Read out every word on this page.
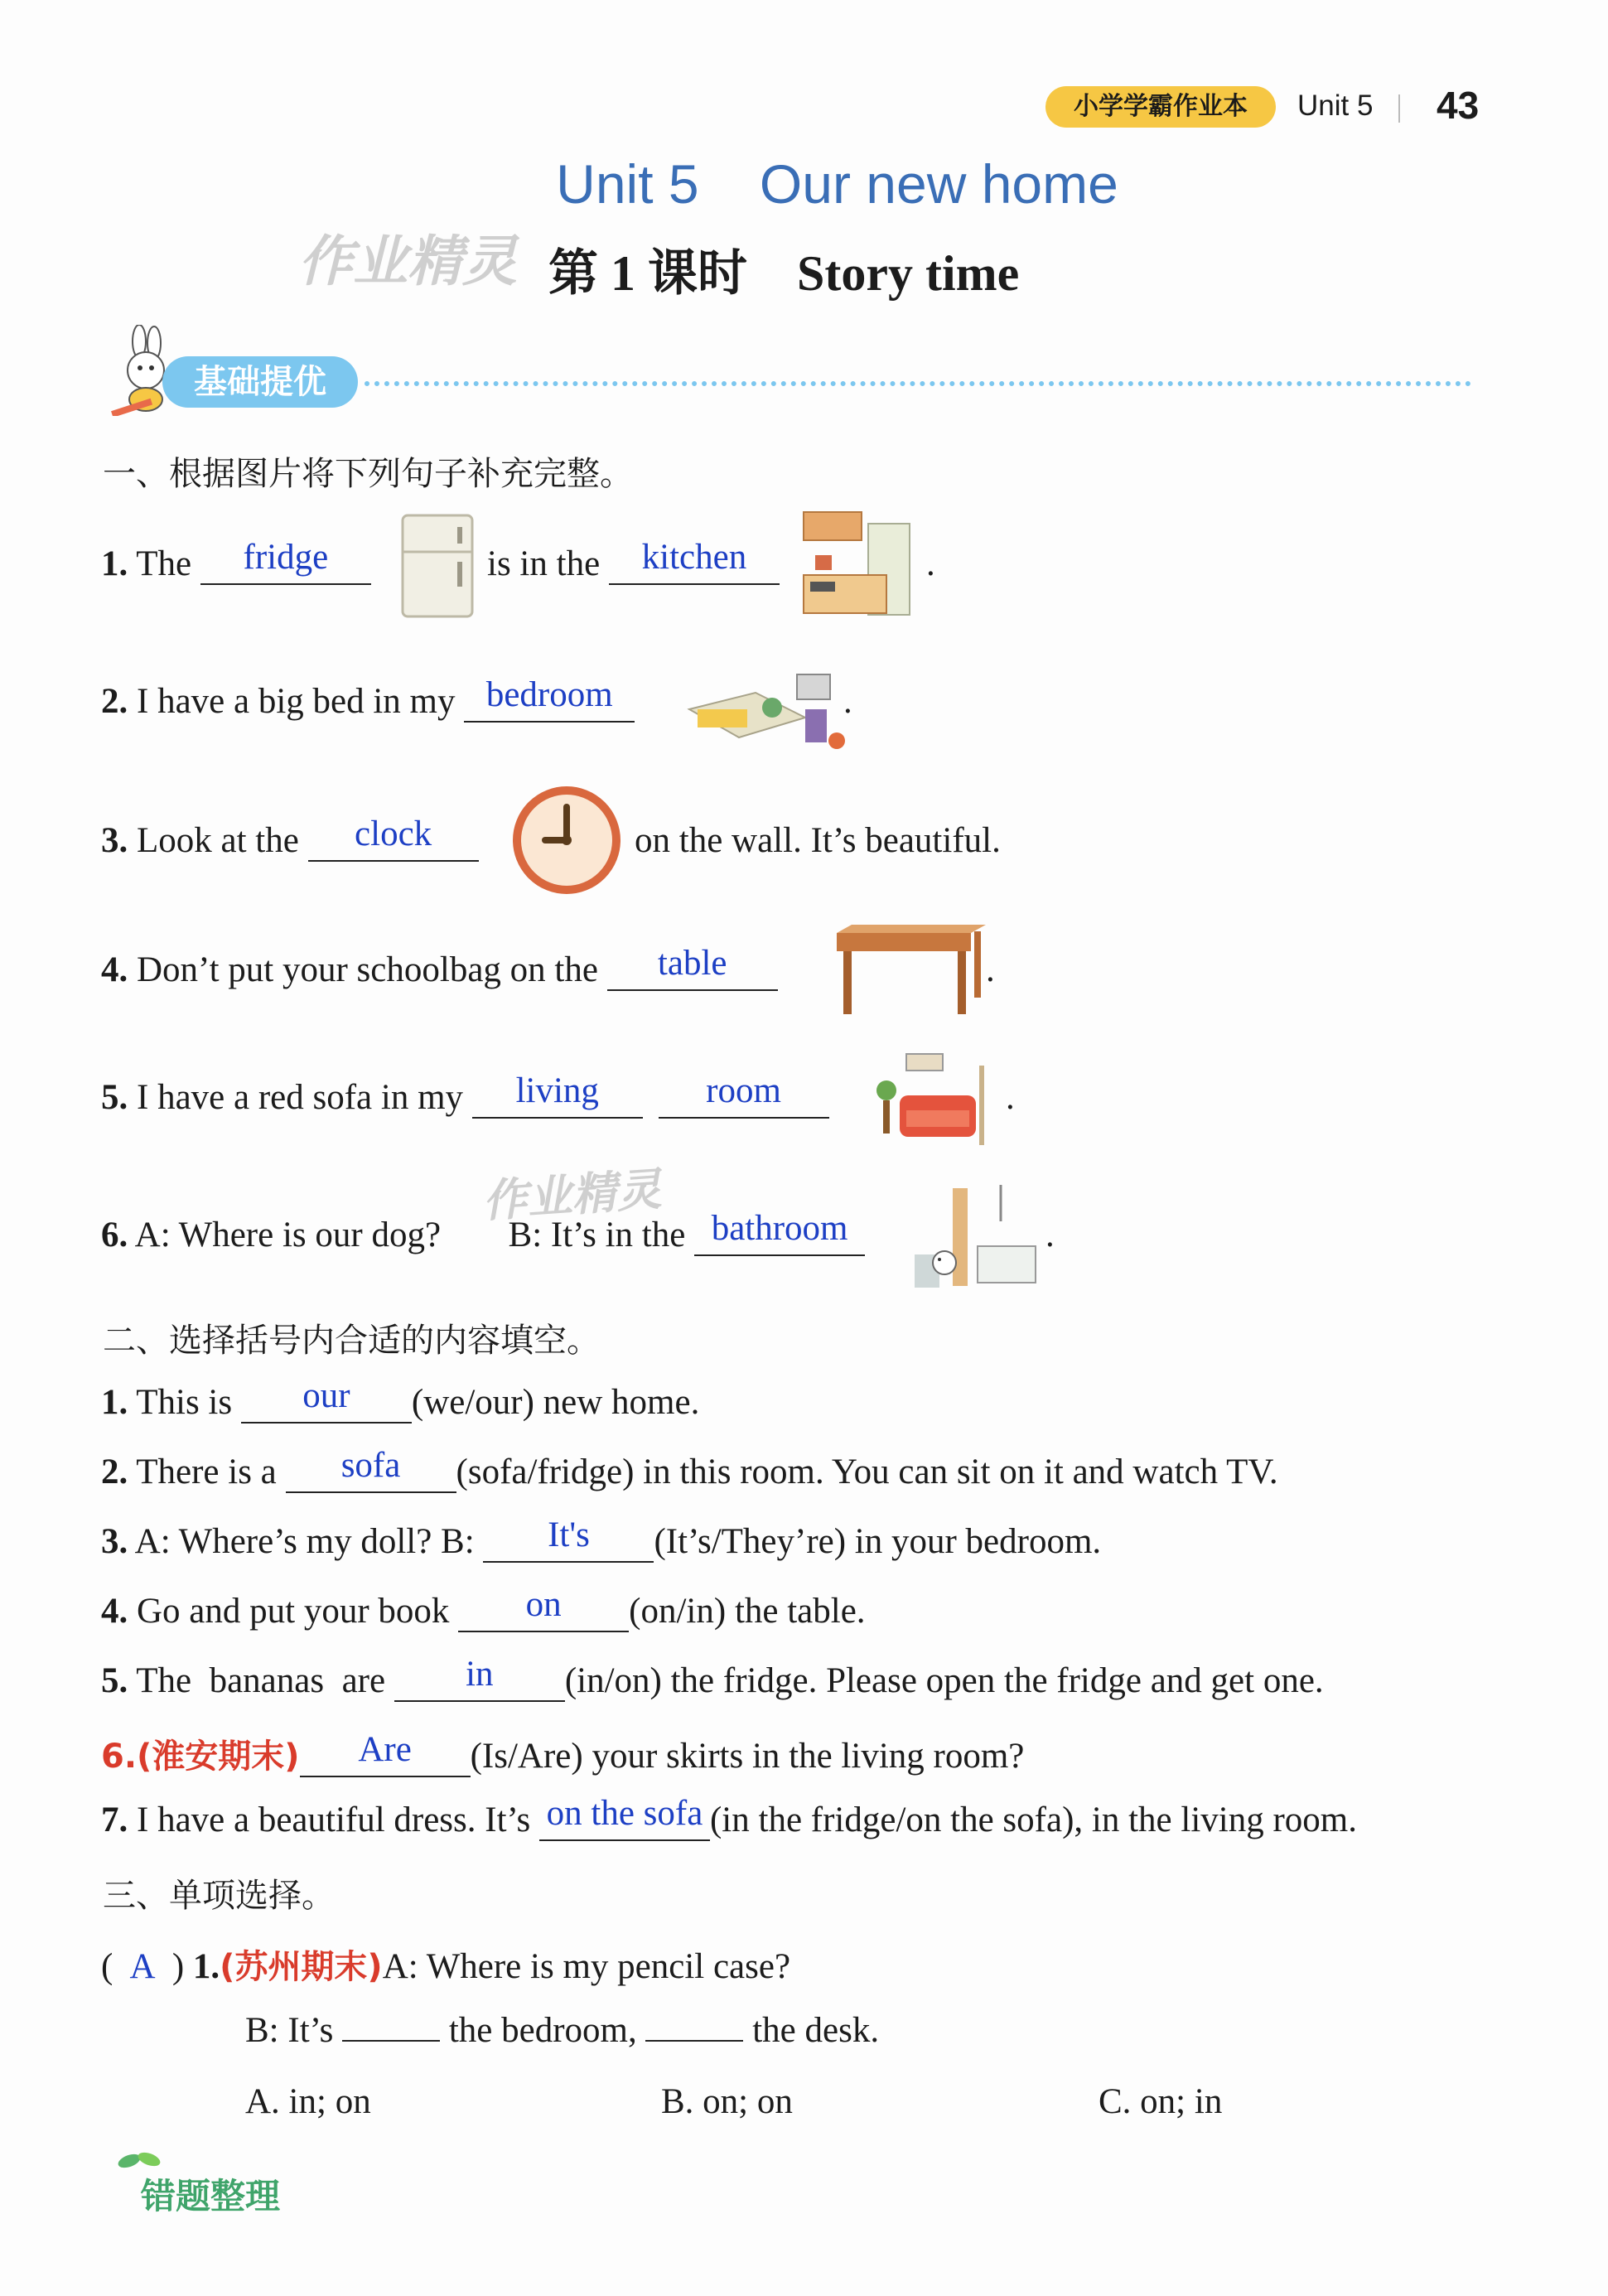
小学学霸作业本	Unit 5 43
Unit 5    Our new home
作业精灵 第 1 课时    Story time
基础提优
一、根据图片将下列句子补充完整。
1. The fridge	is in the kitchen	.
2. I have a big bed in my bedroom	.
3. Look at the clock	on the wall. It’s beautiful.
4. Don’t put your schoolbag on the table	.
5. I have a red sofa in my living	room	.
作业精灵
6. A: Where is our dog? B: It’s in the bathroom	.
二、选择括号内合适的内容填空。
1. This is our (we/our) new home.
2. There is a sofa (sofa/fridge) in this room. You can sit on it and watch TV.
3. A: Where’s my doll? B: It's (It’s/They’re) in your bedroom.
4. Go and put your book on (on/in) the table.
5. The  bananas  are in (in/on) the fridge. Please open the fridge and get one.
6.(淮安期末) Are (Is/Are) your skirts in the living room?
7. I have a beautiful dress. It’s on the sofa (in the fridge/on the sofa), in the living room.
三、单项选择。
( A ) 1.(苏州期末)A: Where is my pencil case?
B: It’s	the bedroom,	the desk.
A. in; on	B. on; on	C. on; in
错题整理
